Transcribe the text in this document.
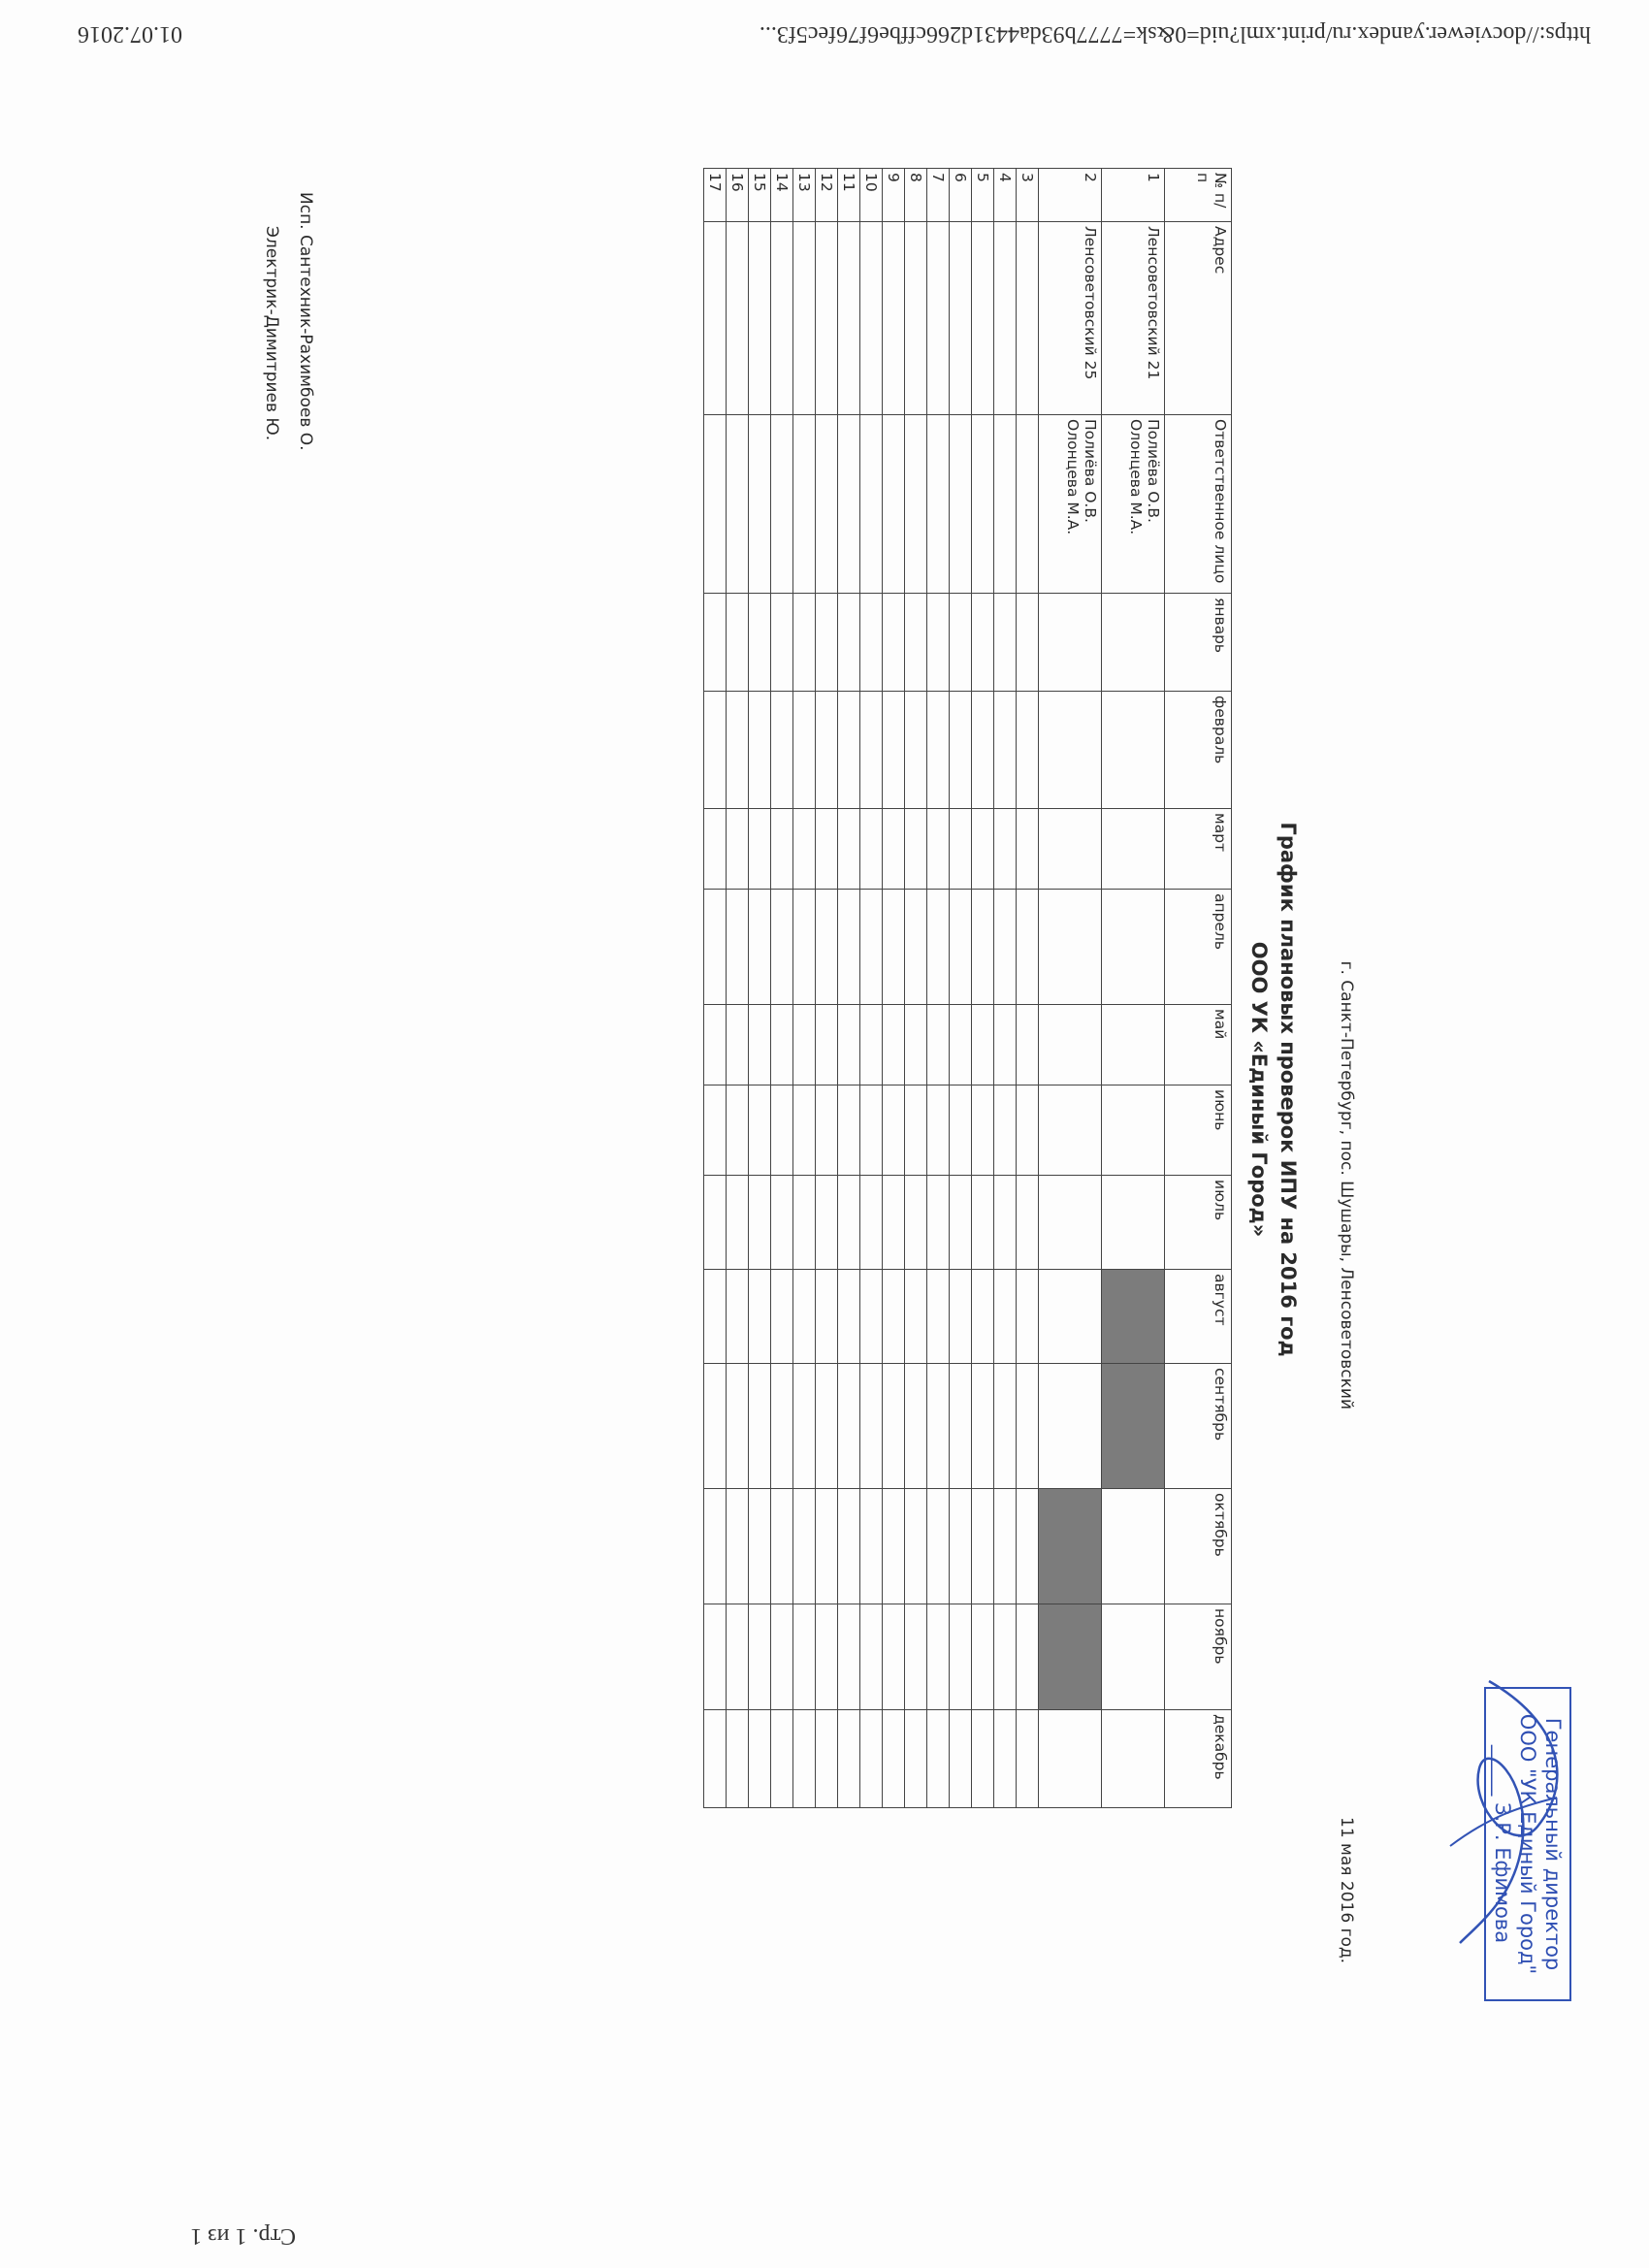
https://docviewer.yandex.ru/print.xml?uid=0&sk=7777b93da4431d266cffbe6f76fec5f3...
01.07.2016
Стр. 1 из 1
11 мая 2016 год.
г. Санкт-Петербург, пос. Шушары, Ленсоветовский
Генеральный директор
ООО "УК Единый Город"
_____ З.Р. Ефимова
График плановых проверок ИПУ на 2016 год
ООО УК «Единый Город»
№ п/п	Адрес	Ответственное лицо	январь	февраль	март	апрель	май	июнь	июль	август	сентябрь	октябрь	ноябрь	декабрь
1	Ленсоветовский 21	Полиёва О.В. Олонцева М.А.												
2	Ленсоветовский 25	Полиёва О.В. Олонцева М.А.												
3														
4														
5														
6														
7														
8														
9														
10														
11														
12														
13														
14														
15														
16														
17														
Исп. Сантехник-Рахимбоев О.
Электрик-Димитриев Ю.
